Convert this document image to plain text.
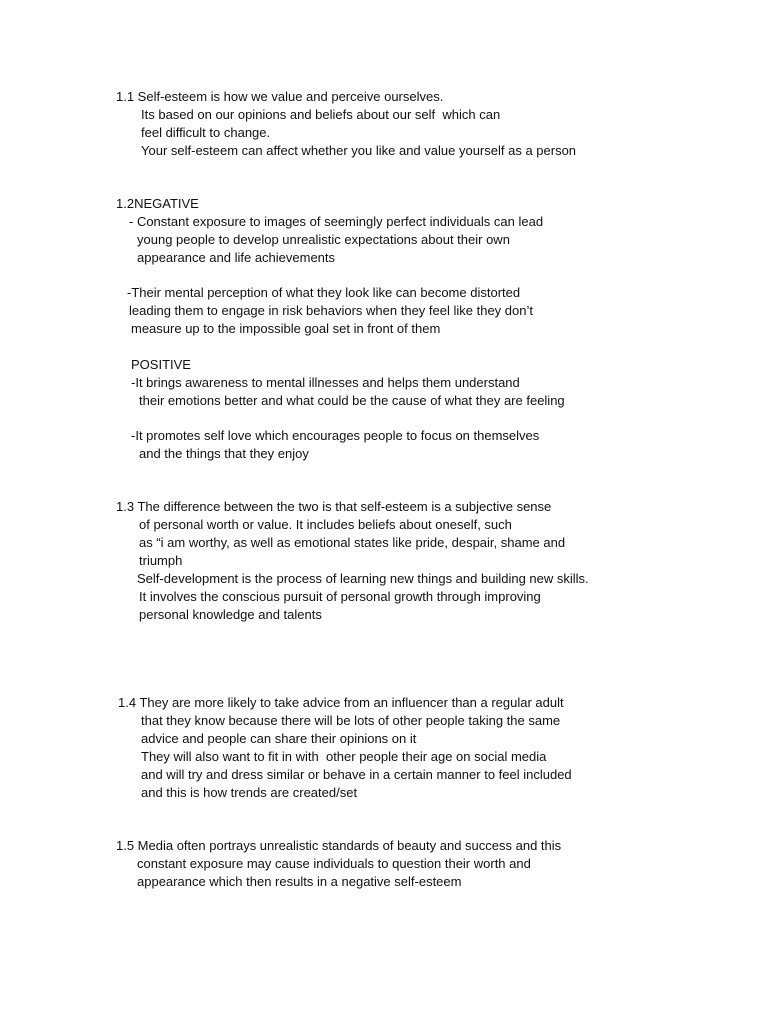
1.1 Self-esteem is how we value and perceive ourselves.
Its based on our opinions and beliefs about our self  which can
feel difficult to change.
Your self-esteem can affect whether you like and value yourself as a person
1.2NEGATIVE
- Constant exposure to images of seemingly perfect individuals can lead
young people to develop unrealistic expectations about their own
appearance and life achievements
-Their mental perception of what they look like can become distorted
leading them to engage in risk behaviors when they feel like they don’t
measure up to the impossible goal set in front of them
POSITIVE
-It brings awareness to mental illnesses and helps them understand
their emotions better and what could be the cause of what they are feeling
-It promotes self love which encourages people to focus on themselves
and the things that they enjoy
1.3 The difference between the two is that self-esteem is a subjective sense
of personal worth or value. It includes beliefs about oneself, such
as “i am worthy, as well as emotional states like pride, despair, shame and
triumph
Self-development is the process of learning new things and building new skills.
It involves the conscious pursuit of personal growth through improving
personal knowledge and talents
1.4 They are more likely to take advice from an influencer than a regular adult
that they know because there will be lots of other people taking the same
advice and people can share their opinions on it
They will also want to fit in with  other people their age on social media
and will try and dress similar or behave in a certain manner to feel included
and this is how trends are created/set
1.5 Media often portrays unrealistic standards of beauty and success and this
constant exposure may cause individuals to question their worth and
appearance which then results in a negative self-esteem
